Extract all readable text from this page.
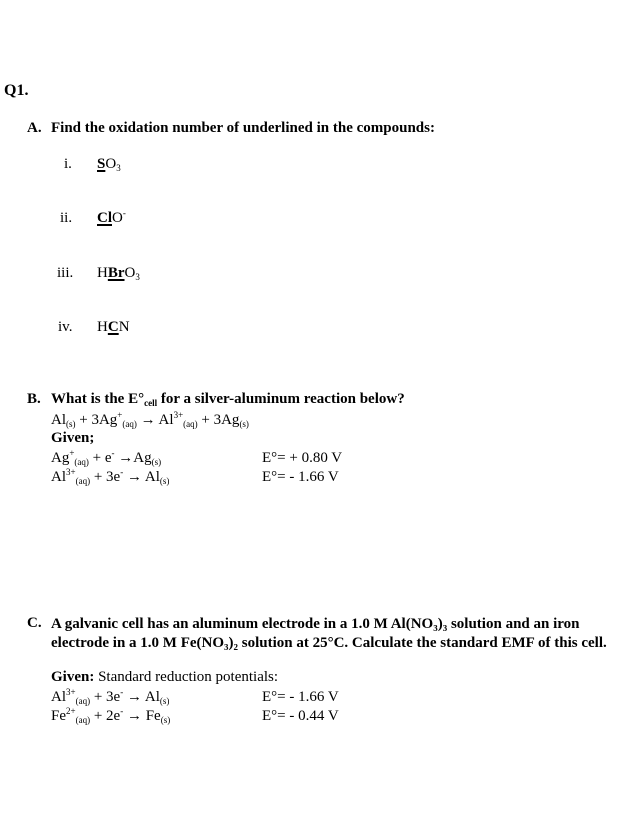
Q1.
A. Find the oxidation number of underlined in the compounds:
i. $SO_3$
ii. ClO-
iii. HBrO$_3$
iv. HCN
B. What is the $E^\circ_{cell}$ for a silver-aluminum reaction below?
$Al_{(s)} + 3Ag^+_{(aq)} \to Al^{3+}_{(aq)} + 3Ag_{(s)}$
Given;
$Ag^+_{(aq)} + e^- \to Ag_{(s)}$	E°= + 0.80 V
$Al^{3+}_{(aq)} + 3e^- \to Al_{(s)}$	E°= - 1.66 V
C. A galvanic cell has an aluminum electrode in a 1.0 M Al(NO₃)₃ solution and an iron electrode in a 1.0 M Fe(NO₃)₂ solution at 25°C. Calculate the standard EMF of this cell.
Given: Standard reduction potentials:
$Al^{3+}_{(aq)} + 3e^- \to Al_{(s)}$	E°= - 1.66 V
$Fe^{2+}_{(aq)} + 2e^- \to Fe_{(s)}$	E°= - 0.44 V
